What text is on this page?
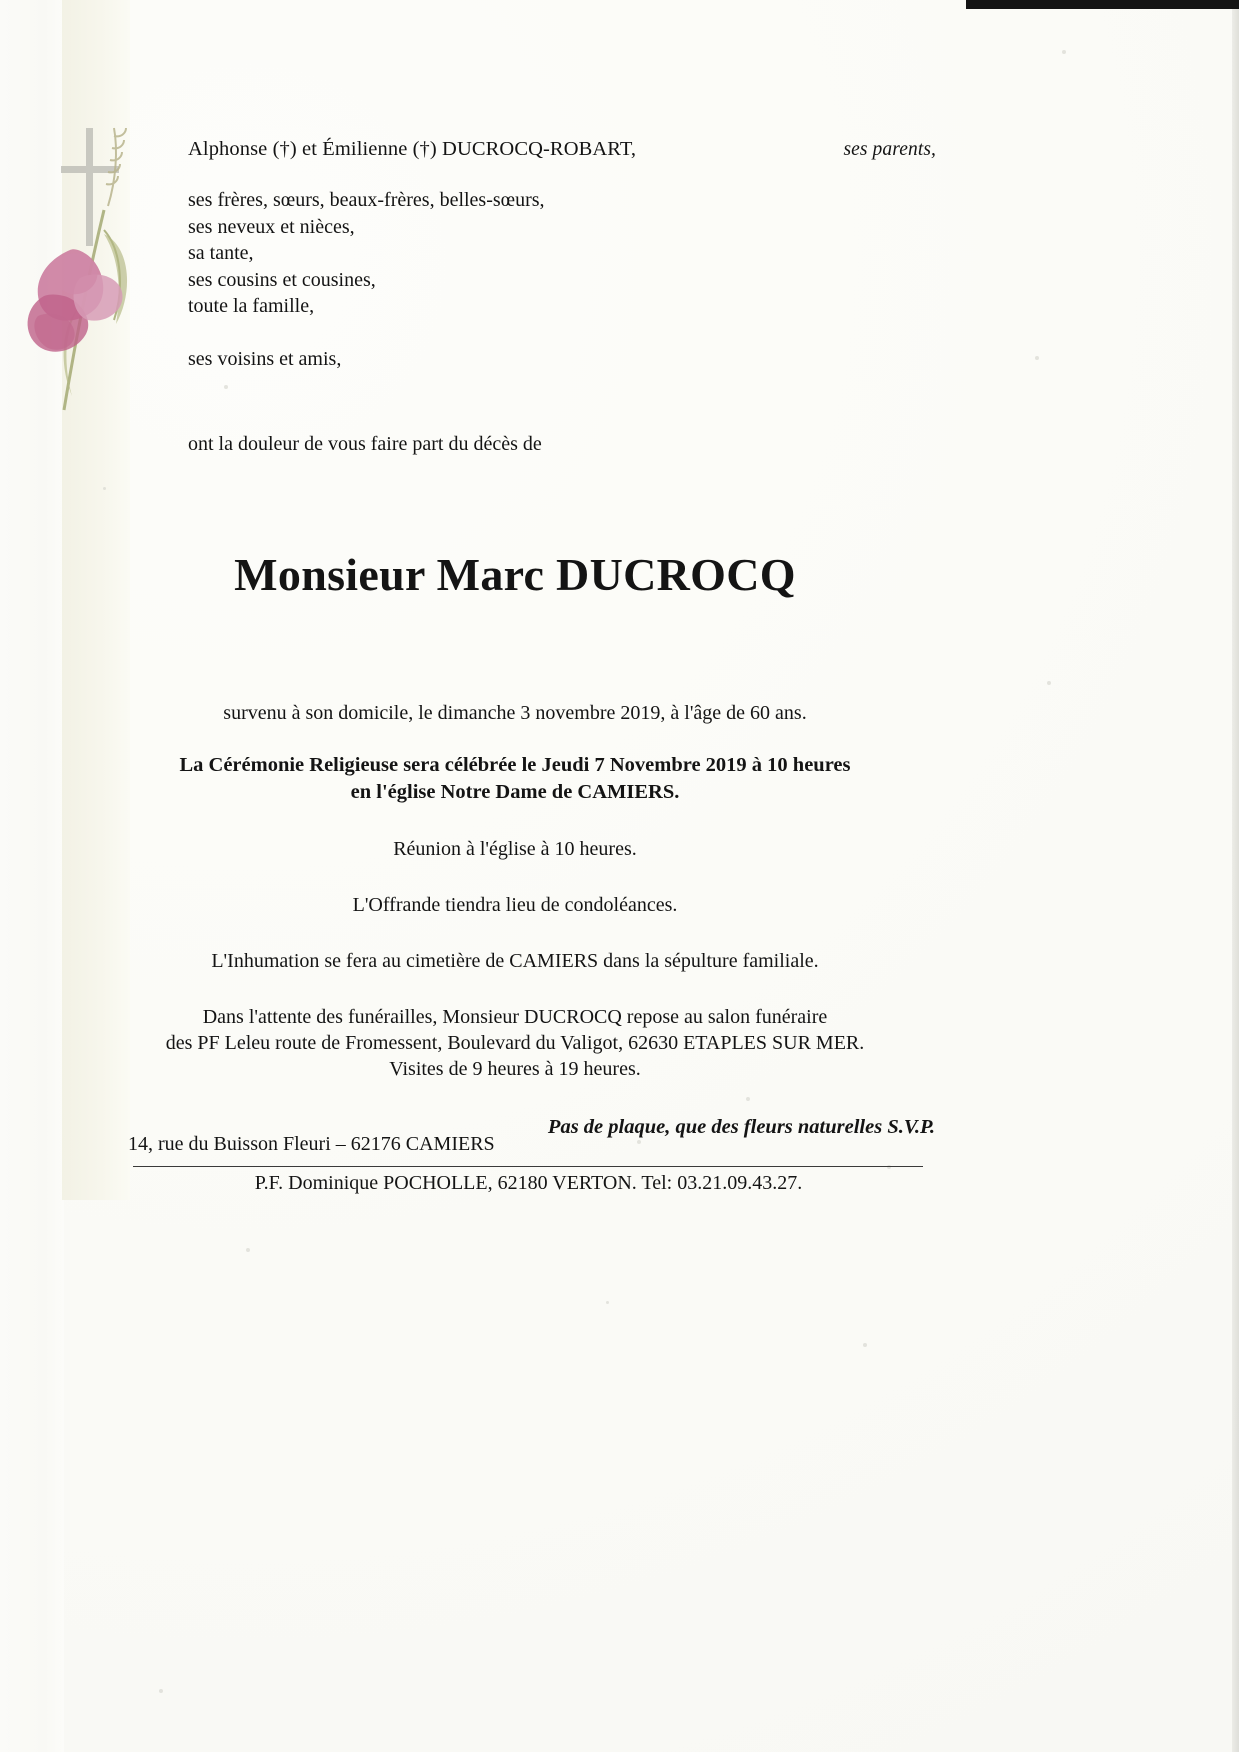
Alphonse (†) et Émilienne (†) DUCROCQ-ROBART,	ses parents,
ses frères, sœurs, beaux-frères, belles-sœurs,
ses neveux et nièces,
sa tante,
ses cousins et cousines,
toute la famille,
ses voisins et amis,
ont la douleur de vous faire part du décès de
Monsieur Marc DUCROCQ
survenu à son domicile, le dimanche 3 novembre 2019, à l'âge de 60 ans.
La Cérémonie Religieuse sera célébrée le Jeudi 7 Novembre 2019 à 10 heures
en l'église Notre Dame de CAMIERS.
Réunion à l'église à 10 heures.
L'Offrande tiendra lieu de condoléances.
L'Inhumation se fera au cimetière de CAMIERS dans la sépulture familiale.
Dans l'attente des funérailles, Monsieur DUCROCQ repose au salon funéraire
des PF Leleu route de Fromessent, Boulevard du Valigot, 62630 ETAPLES SUR MER.
Visites de 9 heures à 19 heures.
Pas de plaque, que des fleurs naturelles S.V.P.
14, rue du Buisson Fleuri – 62176 CAMIERS
P.F. Dominique POCHOLLE, 62180 VERTON. Tel: 03.21.09.43.27.
